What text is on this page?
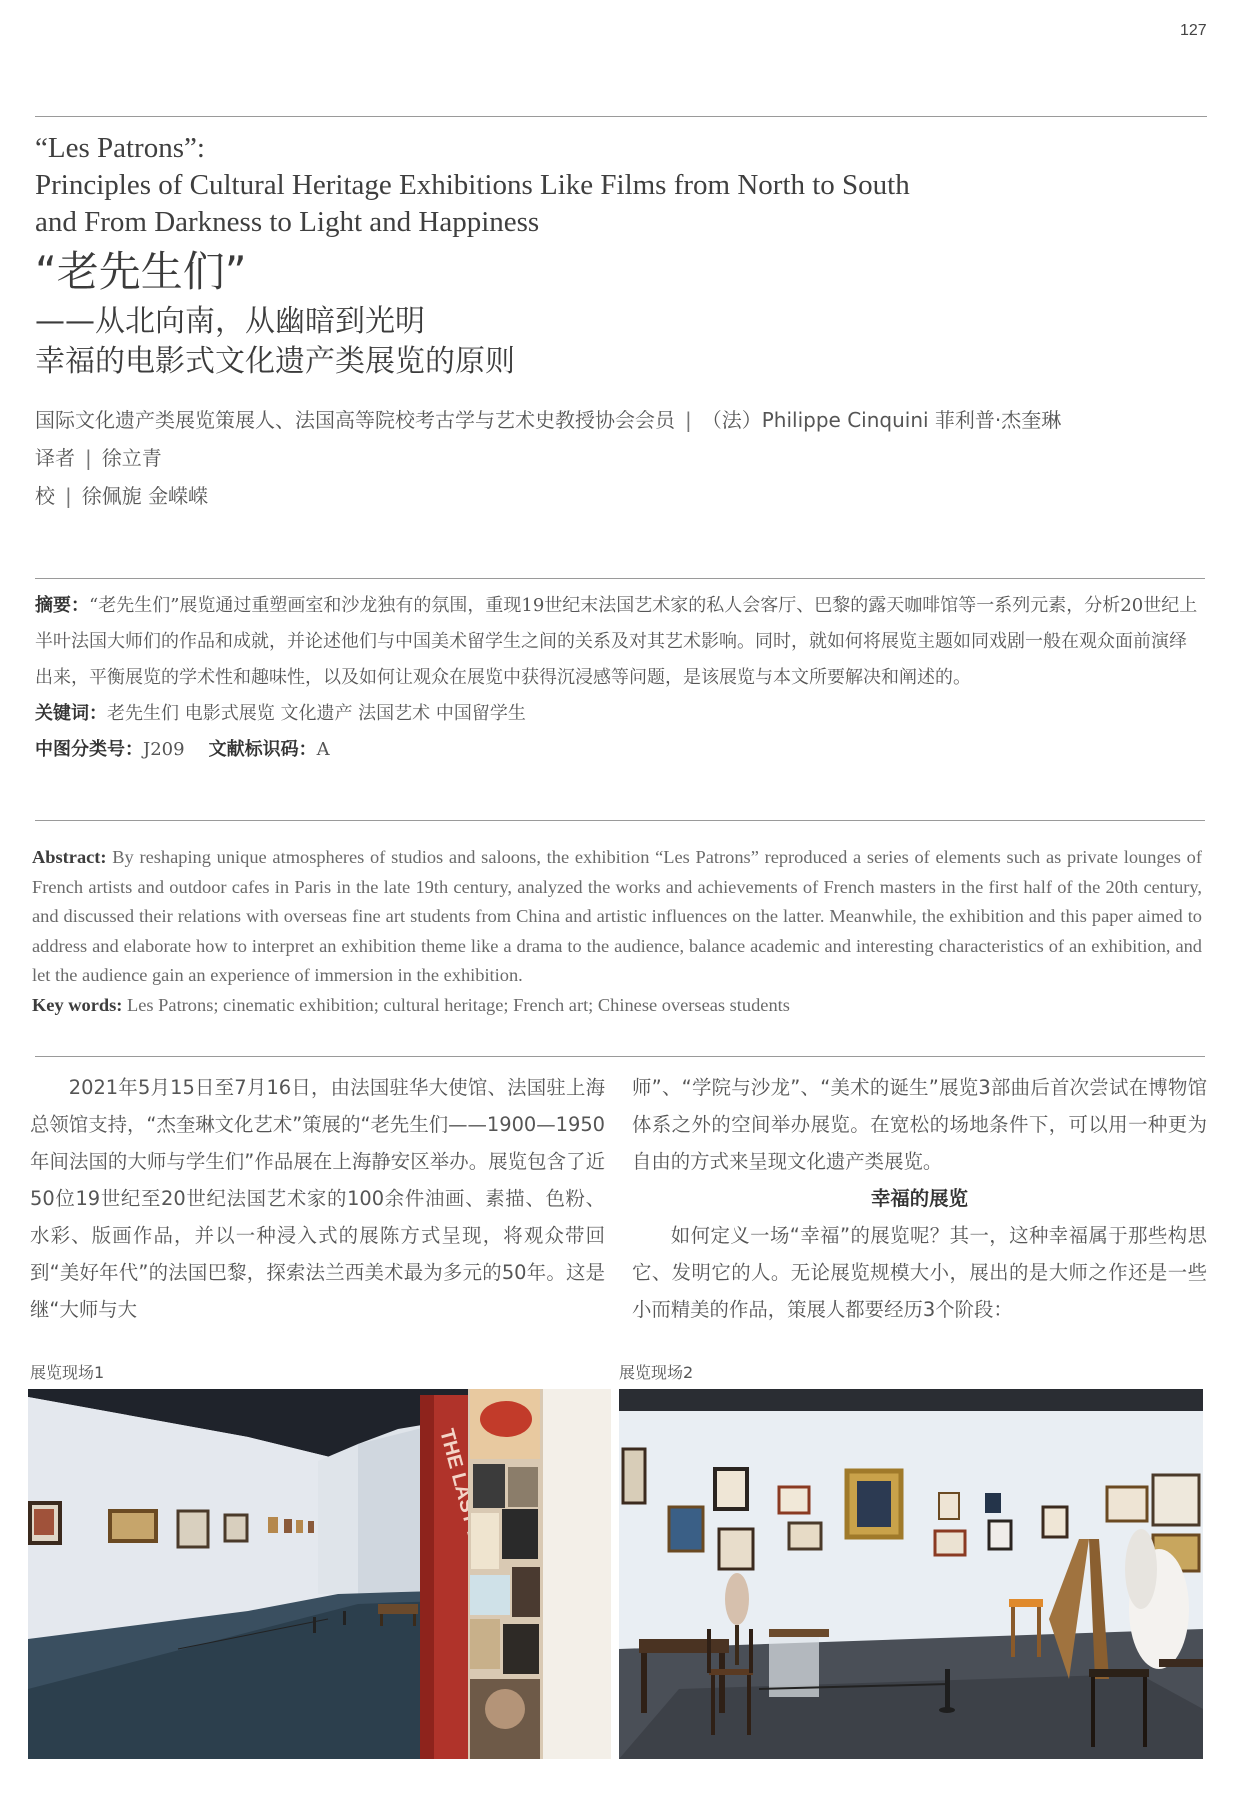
127
“Les Patrons”:
Principles of Cultural Heritage Exhibitions Like Films from North to South
and From Darkness to Light and Happiness
“老先生们”
——从北向南，从幽暗到光明
幸福的电影式文化遗产类展览的原则
国际文化遗产类展览策展人、法国高等院校考古学与艺术史教授协会会员 | （法）Philippe Cinquini 菲利普·杰奎琳
译者 | 徐立青
校 | 徐佩旎 金嵘嵘

摘要：“老先生们”展览通过重塑画室和沙龙独有的氛围，重现19世纪末法国艺术家的私人会客厅、巴黎的露天咖啡馆等一系列元素，分析20世纪上半叶法国大师们的作品和成就，并论述他们与中国美术留学生之间的关系及对其艺术影响。同时，就如何将展览主题如同戏剧一般在观众面前演绎出来，平衡展览的学术性和趣味性，以及如何让观众在展览中获得沉浸感等问题，是该展览与本文所要解决和阐述的。

关键词：老先生们 电影式展览 文化遗产 法国艺术 中国留学生

中图分类号：J209 文献标识码：A

Abstract: By reshaping unique atmospheres of studios and saloons, the exhibition “Les Patrons” reproduced a series of elements such as private lounges of French artists and outdoor cafes in Paris in the late 19th century, analyzed the works and achievements of French masters in the first half of the 20th century, and discussed their relations with overseas fine art students from China and artistic influences on the latter. Meanwhile, the exhibition and this paper aimed to address and elaborate how to interpret an exhibition theme like a drama to the audience, balance academic and interesting characteristics of an exhibition, and let the audience gain an experience of immersion in the exhibition.

Key words: Les Patrons; cinematic exhibition; cultural heritage; French art; Chinese overseas students

2021年5月15日至7月16日，由法国驻华大使馆、法国驻上海总领馆支持，“杰奎琳文化艺术”策展的“老先生们——1900—1950年间法国的大师与学生们”作品展在上海静安区举办。展览包含了近50位19世纪至20世纪法国艺术家的100余件油画、素描、色粉、水彩、版画作品，并以一种浸入式的展陈方式呈现，将观众带回到“美好年代”的法国巴黎，探索法兰西美术最为多元的50年。这是继“大师与大

师”、“学院与沙龙”、“美术的诞生”展览3部曲后首次尝试在博物馆体系之外的空间举办展览。在宽松的场地条件下，可以用一种更为自由的方式来呈现文化遗产类展览。

幸福的展览

如何定义一场“幸福”的展览呢？其一，这种幸福属于那些构思它、发明它的人。无论展览规模大小，展出的是大师之作还是一些小而精美的作品，策展人都要经历3个阶段：

展览现场1	展览现场2
THE LAST
